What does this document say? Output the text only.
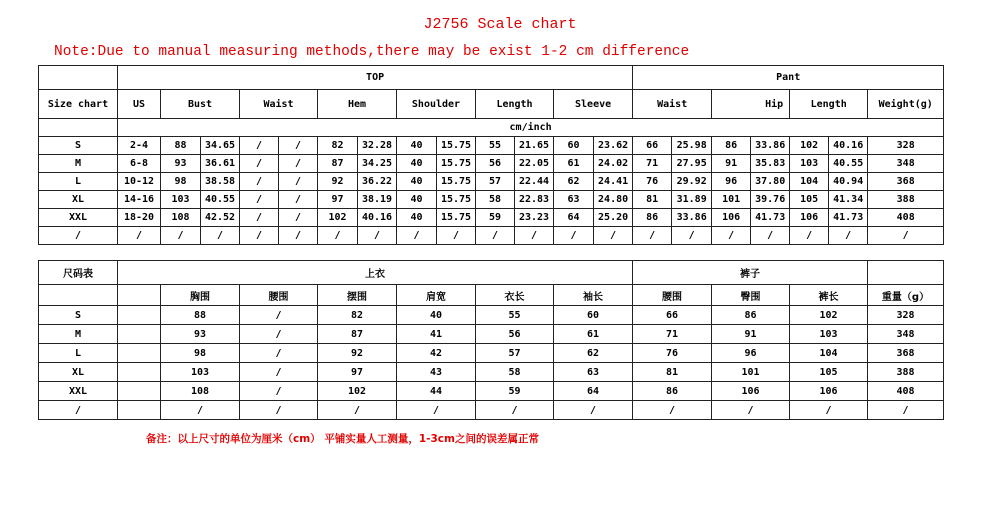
J2756 Scale chart
Note:Due to manual measuring methods,there may be exist 1-2 cm difference
	TOP													Pant						
Size chart	US	Bust		Waist		Hem		Shoulder		Length		Sleeve		Waist		Hip		Length		Weight(g)
	cm/inch																			
S	2-4	88	34.65	/	/	82	32.28	40	15.75	55	21.65	60	23.62	66	25.98	86	33.86	102	40.16	328
M	6-8	93	36.61	/	/	87	34.25	40	15.75	56	22.05	61	24.02	71	27.95	91	35.83	103	40.55	348
L	10-12	98	38.58	/	/	92	36.22	40	15.75	57	22.44	62	24.41	76	29.92	96	37.80	104	40.94	368
XL	14-16	103	40.55	/	/	97	38.19	40	15.75	58	22.83	63	24.80	81	31.89	101	39.76	105	41.34	388
XXL	18-20	108	42.52	/	/	102	40.16	40	15.75	59	23.23	64	25.20	86	33.86	106	41.73	106	41.73	408
/	/	/	/	/	/	/	/	/	/	/	/	/	/	/	/	/	/	/	/	/
尺码表	上衣							裤子			
		胸围	腰围	摆围	肩宽	衣长	袖长	腰围	臀围	裤长	重量（g）
S		88	/	82	40	55	60	66	86	102	328
M		93	/	87	41	56	61	71	91	103	348
L		98	/	92	42	57	62	76	96	104	368
XL		103	/	97	43	58	63	81	101	105	388
XXL		108	/	102	44	59	64	86	106	106	408
/		/	/	/	/	/	/	/	/	/	/
备注：以上尺寸的单位为厘米（cm） 平铺实量人工测量，1-3cm之间的误差属正常
